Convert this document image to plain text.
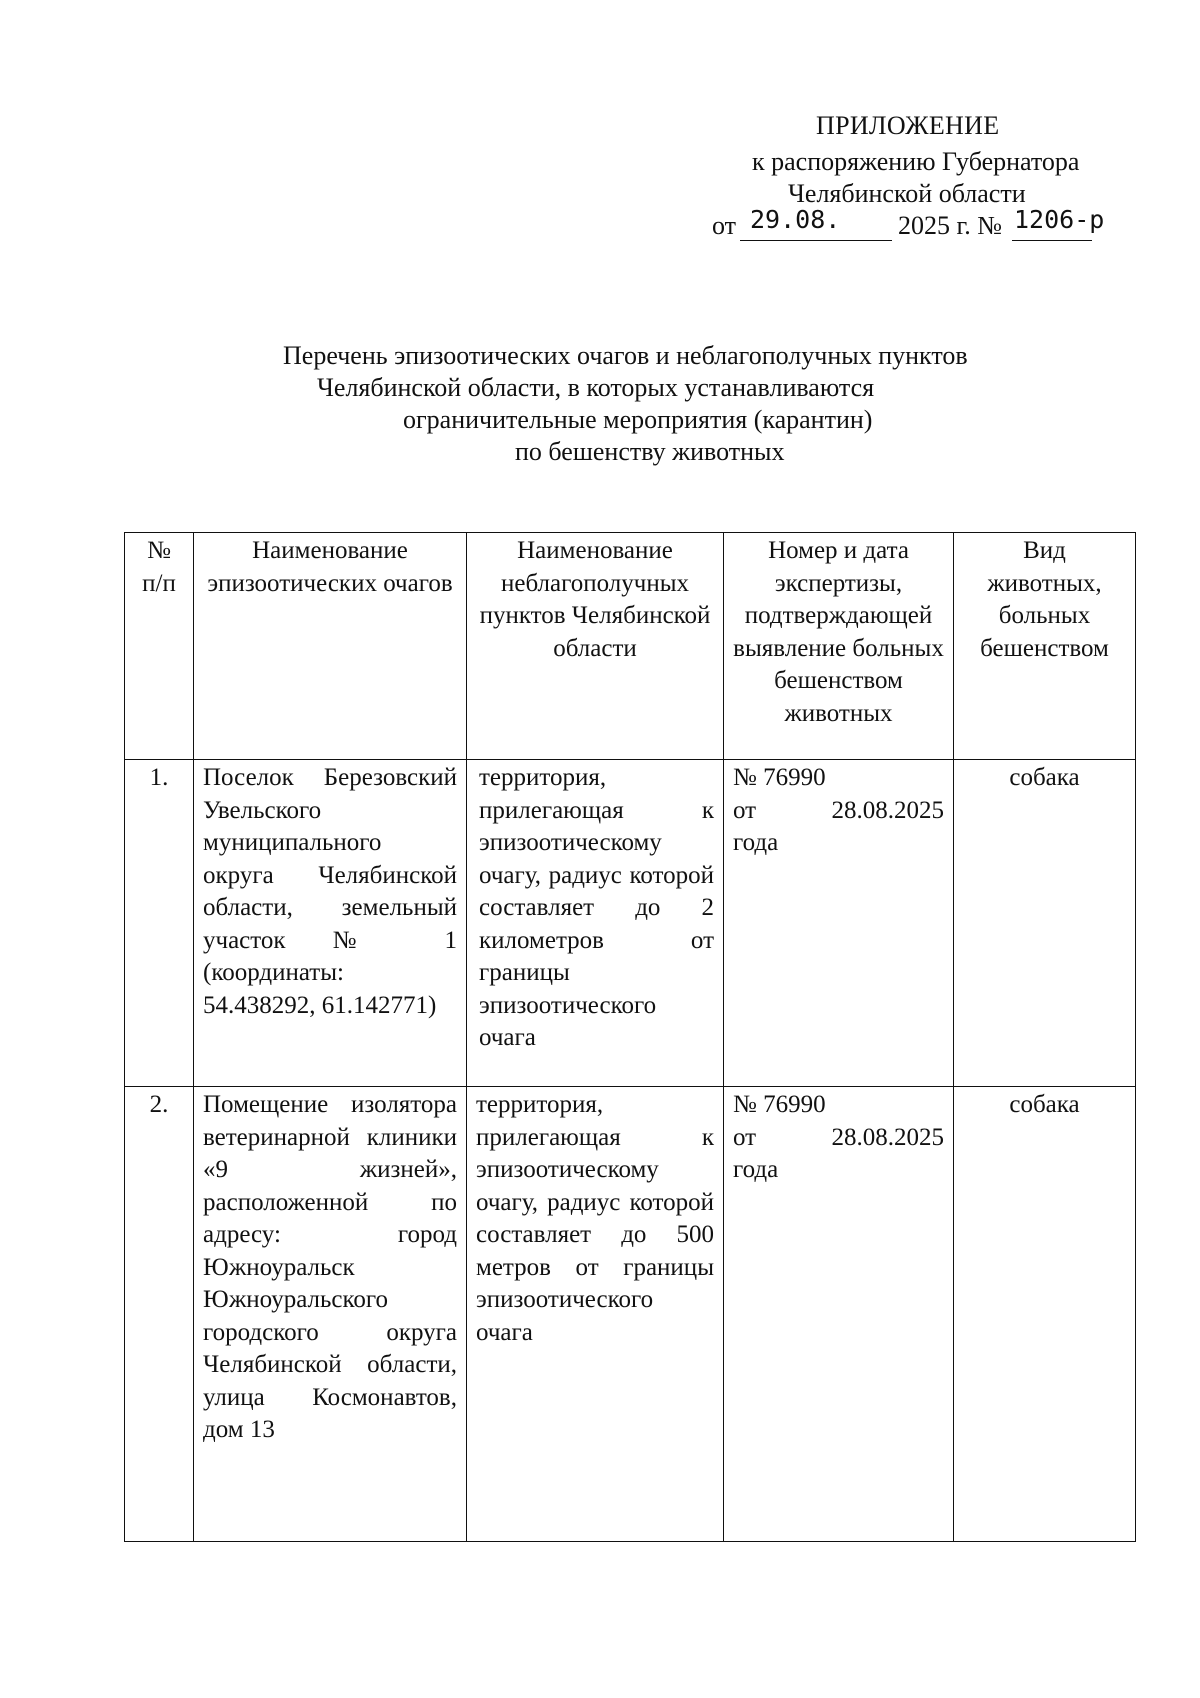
ПРИЛОЖЕНИЕ
к распоряжению Губернатора
Челябинской области
от 29.08. 2025 г. № 1206-р
Перечень эпизоотических очагов и неблагополучных пунктов
Челябинской области, в которых устанавливаются
ограничительные мероприятия (карантин)
по бешенству животных
№ п/п	Наименование эпизоотических очагов	Наименование неблагополучных пунктов Челябинской области	Номер и дата экспертизы, подтверждающей выявление больных бешенством животных	Вид животных, больных бешенством
1.	Поселок Березовский Увельского муниципального округа Челябинской области, земельный участок № 1 (координаты: 54.438292, 61.142771)	территория, прилегающая к эпизоотическому очагу, радиус которой составляет до 2 километров от границы эпизоотического очага	№ 76990
от 28.08.2025
года	собака
2.	Помещение изолятора ветеринарной клиники «9 жизней», расположенной по адресу: город Южноуральск Южноуральского городского округа Челябинской области, улица Космонавтов, дом 13	территория, прилегающая к эпизоотическому очагу, радиус которой составляет до 500 метров от границы эпизоотического очага	№ 76990
от 28.08.2025
года	собака
